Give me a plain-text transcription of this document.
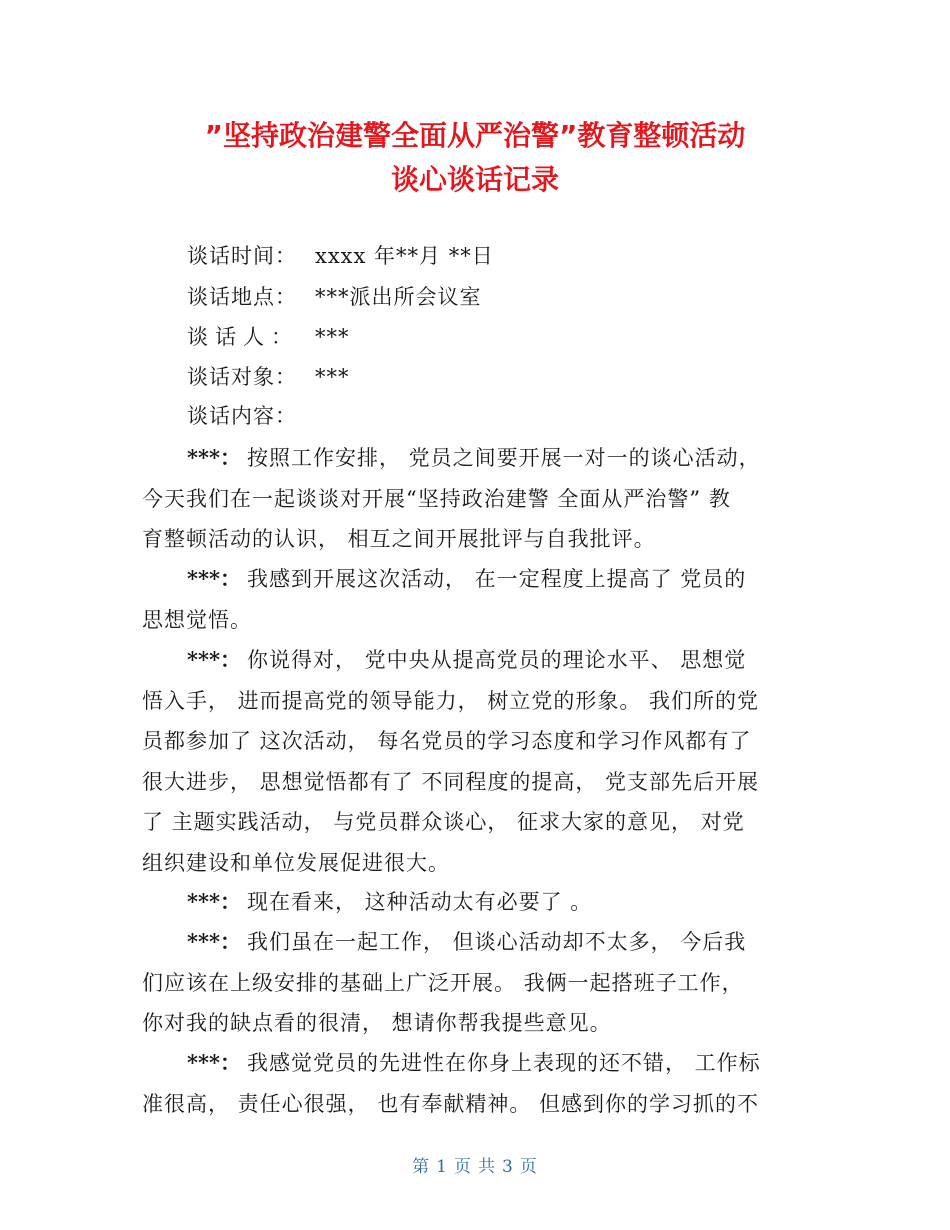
”坚持政治建警全面从严治警”教育整顿活动
谈心谈话记录
谈话时间： xxxx 年**月 **日
谈话地点： ***派出所会议室
谈话人： ***
谈话对象： ***
谈话内容：
***： 按照工作安排， 党员之间要开展一对一的谈心活动，
今天我们在一起谈谈对开展“坚持政治建警 全面从严治警” 教
育整顿活动的认识， 相互之间开展批评与自我批评。
***： 我感到开展这次活动， 在一定程度上提高了 党员的
思想觉悟。
***： 你说得对， 党中央从提高党员的理论水平、 思想觉
悟入手， 进而提高党的领导能力， 树立党的形象。 我们所的党
员都参加了 这次活动， 每名党员的学习态度和学习作风都有了
很大进步， 思想觉悟都有了 不同程度的提高， 党支部先后开展
了 主题实践活动， 与党员群众谈心， 征求大家的意见， 对党
组织建设和单位发展促进很大。
***： 现在看来， 这种活动太有必要了 。
***： 我们虽在一起工作， 但谈心活动却不太多， 今后我
们应该在上级安排的基础上广泛开展。 我俩一起搭班子工作，
你对我的缺点看的很清， 想请你帮我提些意见。
***： 我感觉党员的先进性在你身上表现的还不错， 工作标
准很高， 责任心很强， 也有奉献精神。 但感到你的学习抓的不
第 1 页 共 3 页
